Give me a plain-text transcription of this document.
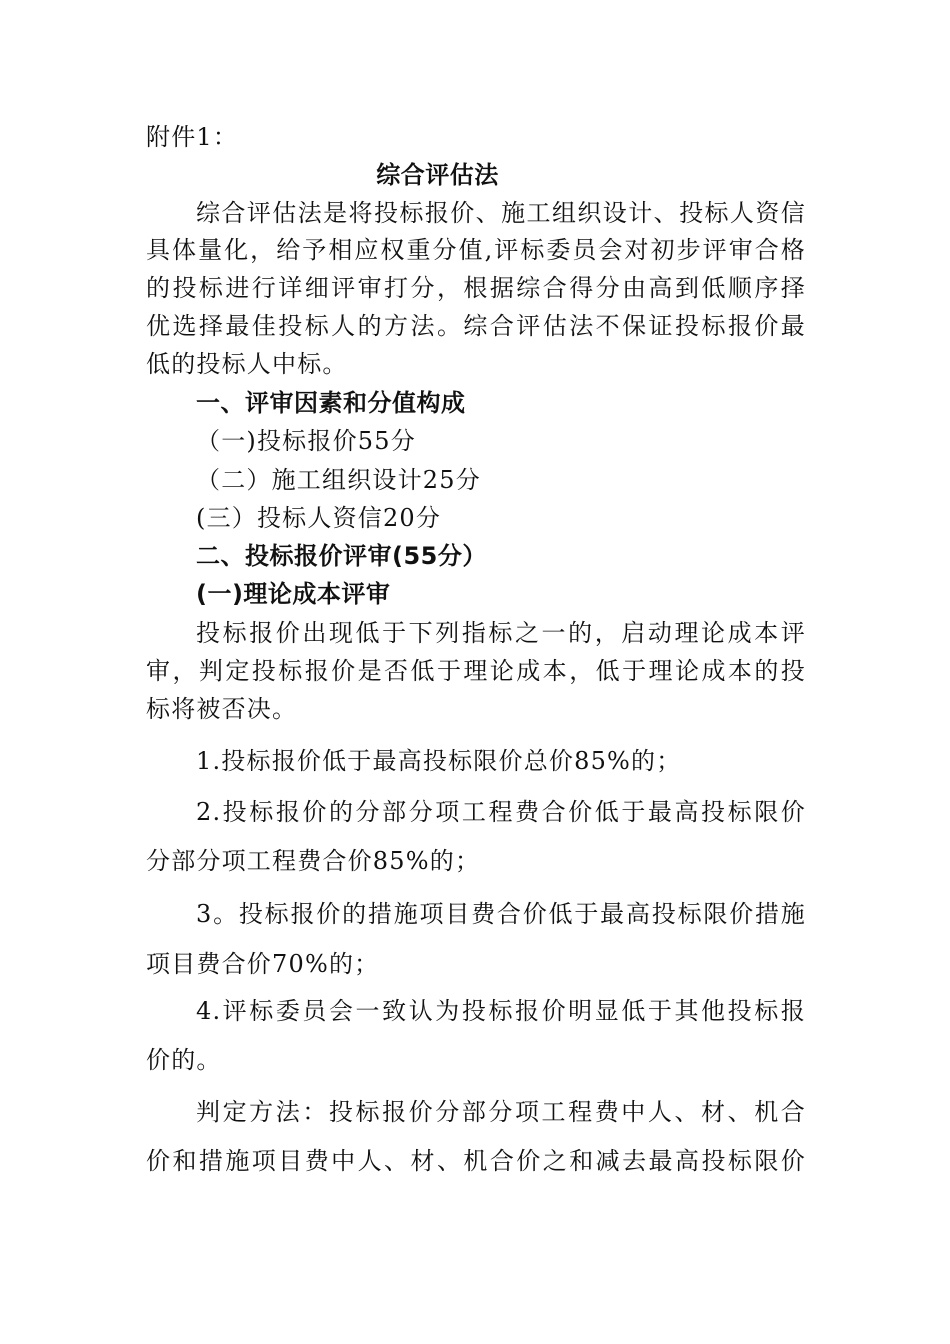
附件1：
综合评估法
综合评估法是将投标报价、施工组织设计、投标人资信
具体量化，给予相应权重分值,评标委员会对初步评审合格
的投标进行详细评审打分，根据综合得分由高到低顺序择
优选择最佳投标人的方法。综合评估法不保证投标报价最
低的投标人中标。
一、评审因素和分值构成
（一)投标报价55分
（二）施工组织设计25分
(三）投标人资信20分
二、投标报价评审(55分）
(一)理论成本评审
投标报价出现低于下列指标之一的，启动理论成本评
审，判定投标报价是否低于理论成本，低于理论成本的投
标将被否决。
1.投标报价低于最高投标限价总价85%的；
2.投标报价的分部分项工程费合价低于最高投标限价
分部分项工程费合价85%的；
3。投标报价的措施项目费合价低于最高投标限价措施
项目费合价70%的；
4.评标委员会一致认为投标报价明显低于其他投标报
价的。
判定方法：投标报价分部分项工程费中人、材、机合
价和措施项目费中人、材、机合价之和减去最高投标限价
